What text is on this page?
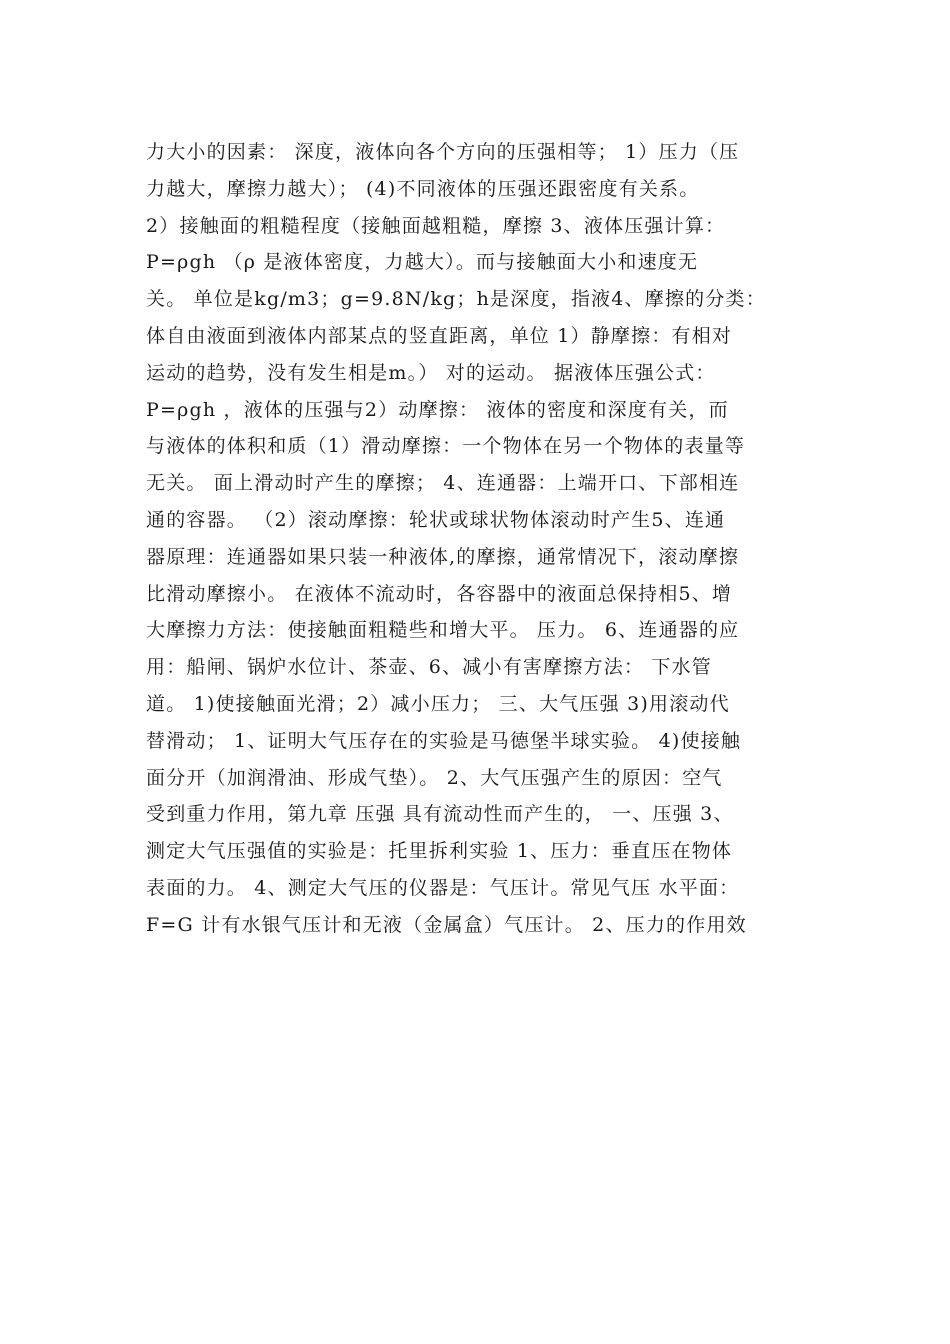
力大小的因素： 深度，液体向各个方向的压强相等； 1）压力（压
力越大，摩擦力越大）； (4)不同液体的压强还跟密度有关系。
2）接触面的粗糙程度（接触面越粗糙，摩擦 3、液体压强计算：
P=ρgh （ρ 是液体密度，力越大）。而与接触面大小和速度无
关。 单位是kg/m3；g=9.8N/kg；h是深度，指液4、摩擦的分类：
体自由液面到液体内部某点的竖直距离，单位 1）静摩擦：有相对
运动的趋势，没有发生相是m。） 对的运动。 据液体压强公式：
P=ρgh ，液体的压强与2）动摩擦： 液体的密度和深度有关，而
与液体的体积和质（1）滑动摩擦：一个物体在另一个物体的表量等
无关。 面上滑动时产生的摩擦； 4、连通器：上端开口、下部相连
通的容器。 （2）滚动摩擦：轮状或球状物体滚动时产生5、连通
器原理：连通器如果只装一种液体,的摩擦，通常情况下，滚动摩擦
比滑动摩擦小。 在液体不流动时，各容器中的液面总保持相5、增
大摩擦力方法：使接触面粗糙些和增大平。 压力。 6、连通器的应
用：船闸、锅炉水位计、茶壶、6、减小有害摩擦方法： 下水管
道。 1)使接触面光滑；2）减小压力； 三、大气压强 3)用滚动代
替滑动； 1、证明大气压存在的实验是马德堡半球实验。 4)使接触
面分开（加润滑油、形成气垫）。 2、大气压强产生的原因：空气
受到重力作用，第九章 压强 具有流动性而产生的， 一、压强 3、
测定大气压强值的实验是：托里拆利实验 1、压力：垂直压在物体
表面的力。 4、测定大气压的仪器是：气压计。常见气压 水平面：
F=G 计有水银气压计和无液（金属盒）气压计。 2、压力的作用效
